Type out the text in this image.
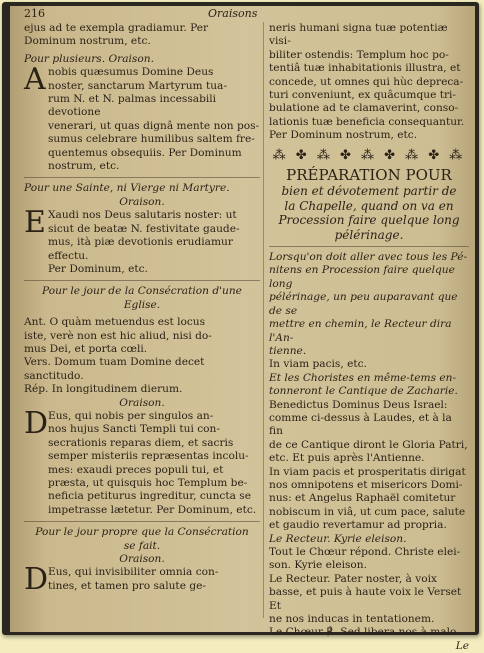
216	Oraisons

ejus ad te exempla gradiamur. Per
Dominum nostrum, etc.

Pour plusieurs. Oraison.

A nobis quæsumus Domine Deus
noster, sanctarum Martyrum tua-
rum N. et N. palmas incessabili devotione
venerari, ut quas dignâ mente non pos-
sumus celebrare humilibus saltem fre-
quentemus obsequiis. Per Dominum
nostrum, etc.

Pour une Sainte, ni Vierge ni Martyre.

Oraison.

E Xaudi nos Deus salutaris noster: ut
sicut de beatæ N. festivitate gaude-
mus, ità piæ devotionis erudiamur effectu.
Per Dominum, etc.

Pour le jour de la Consécration d'une
Eglise.

Ant. O quàm metuendus est locus
iste, verè non est hic aliud, nisi do-
mus Dei, et porta cœli.

Vers. Domum tuam Domine decet
sanctitudo.

Rép. In longitudinem dierum.

Oraison.

D Eus, qui nobis per singulos an-
nos hujus Sancti Templi tui con-
secrationis reparas diem, et sacris
semper misteriis repræsentas incolu-
mes: exaudi preces populi tui, et
præsta, ut quisquis hoc Templum be-
neficia petiturus ingreditur, cuncta se
impetrasse lætetur. Per Dominum, etc.

Pour le jour propre que la Consécration
se fait.

Oraison.

D Eus, qui invisibiliter omnia con-
tines, et tamen pro salute ge-

neris humani signa tuæ potentiæ visi-
biliter ostendis: Templum hoc po-
tentiâ tuæ inhabitationis illustra, et
concede, ut omnes qui hùc depreca-
turi conveniunt, ex quâcumque tri-
bulatione ad te clamaverint, conso-
lationis tuæ beneficia consequantur.
Per Dominum nostrum, etc.

⁂ ✤ ⁂ ✤ ⁂ ✤ ⁂ ✤ ⁂

PRÉPARATION POUR

bien et dévotement partir de
la Chapelle, quand on va en
Procession faire quelque long
pélérinage.

Lorsqu'on doit aller avec tous les Pé-
nitens en Procession faire quelque long
pélérinage, un peu auparavant que de se
mettre en chemin, le Recteur dira l'An-
tienne.

In viam pacis, etc.

Et les Choristes en même-tems en-
tonneront le Cantique de Zacharie.

Benedictus Dominus Deus Israel:
comme ci-dessus à Laudes, et à la fin
de ce Cantique diront le Gloria Patri,
etc. Et puis après l'Antienne.

In viam pacis et prosperitatis dirigat
nos omnipotens et misericors Domi-
nus: et Angelus Raphaël comitetur
nobiscum in viâ, ut cum pace, salute
et gaudio revertamur ad propria.

Le Recteur. Kyrie eleison.

Tout le Chœur répond. Christe elei-
son. Kyrie eleison.

Le Recteur. Pater noster, à voix
basse, et puis à haute voix le Verset Et
ne nos inducas in tentationem.

Le Chœur ℟. Sed libera nos à malo.

Le
